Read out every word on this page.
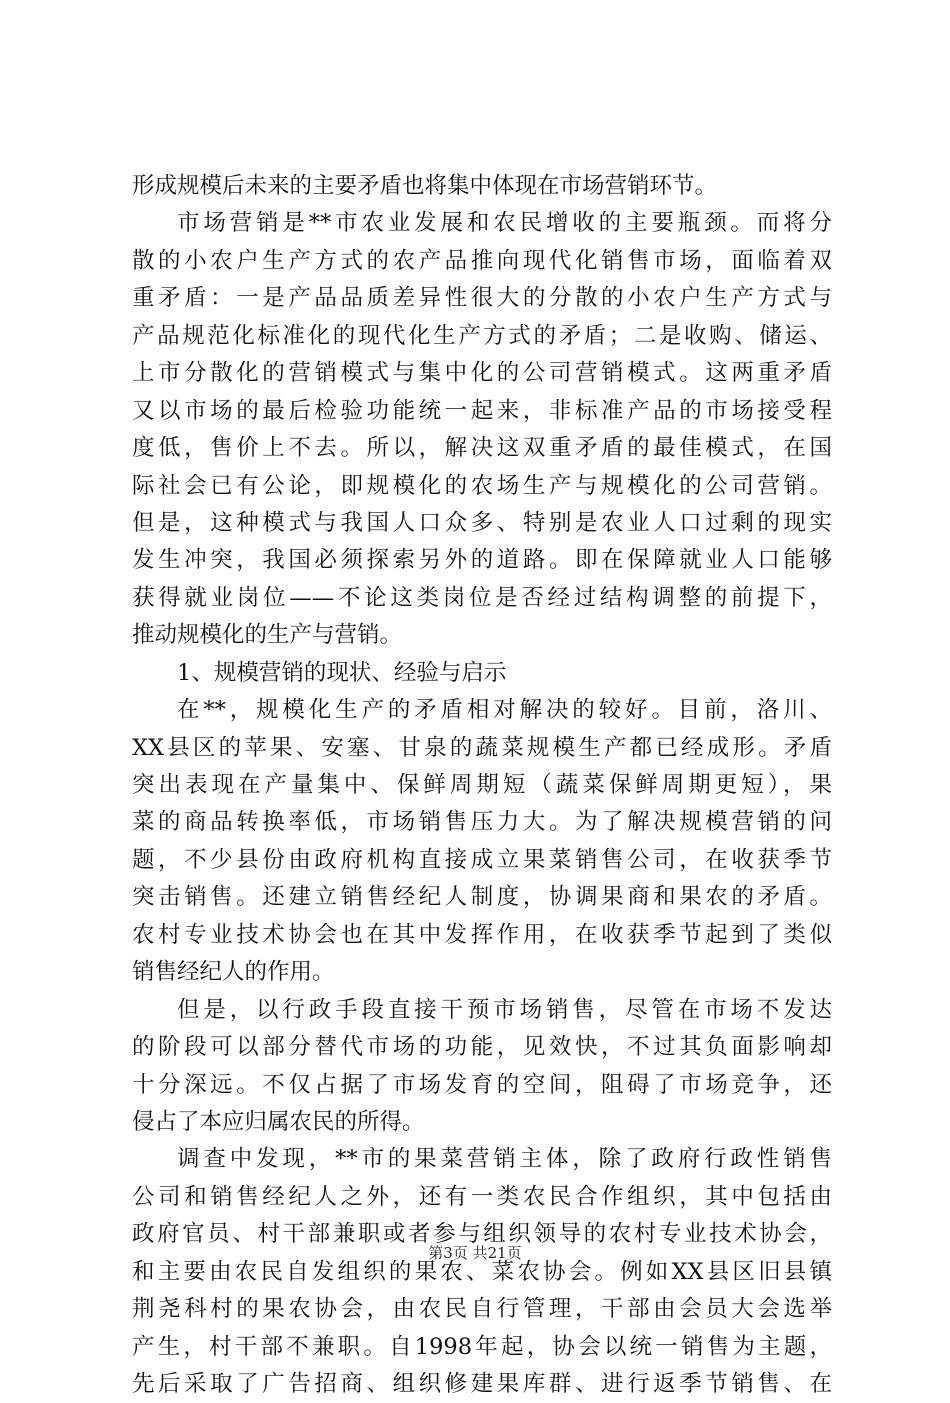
形成规模后未来的主要矛盾也将集中体现在市场营销环节。
市场营销是**市农业发展和农民增收的主要瓶颈。而将分
散的小农户生产方式的农产品推向现代化销售市场，面临着双
重矛盾：一是产品品质差异性很大的分散的小农户生产方式与
产品规范化标准化的现代化生产方式的矛盾；二是收购、储运、
上市分散化的营销模式与集中化的公司营销模式。这两重矛盾
又以市场的最后检验功能统一起来，非标准产品的市场接受程
度低，售价上不去。所以，解决这双重矛盾的最佳模式，在国
际社会已有公论，即规模化的农场生产与规模化的公司营销。
但是，这种模式与我国人口众多、特别是农业人口过剩的现实
发生冲突，我国必须探索另外的道路。即在保障就业人口能够
获得就业岗位——不论这类岗位是否经过结构调整的前提下，
推动规模化的生产与营销。
1、规模营销的现状、经验与启示
在**，规模化生产的矛盾相对解决的较好。目前，洛川、
XX县区的苹果、安塞、甘泉的蔬菜规模生产都已经成形。矛盾
突出表现在产量集中、保鲜周期短（蔬菜保鲜周期更短），果
菜的商品转换率低，市场销售压力大。为了解决规模营销的问
题，不少县份由政府机构直接成立果菜销售公司，在收获季节
突击销售。还建立销售经纪人制度，协调果商和果农的矛盾。
农村专业技术协会也在其中发挥作用，在收获季节起到了类似
销售经纪人的作用。
但是，以行政手段直接干预市场销售，尽管在市场不发达
的阶段可以部分替代市场的功能，见效快，不过其负面影响却
十分深远。不仅占据了市场发育的空间，阻碍了市场竞争，还
侵占了本应归属农民的所得。
调查中发现，**市的果菜营销主体，除了政府行政性销售
公司和销售经纪人之外，还有一类农民合作组织，其中包括由
政府官员、村干部兼职或者参与组织领导的农村专业技术协会，
和主要由农民自发组织的果农、菜农协会。例如XX县区旧县镇
荆尧科村的果农协会，由农民自行管理，干部由会员大会选举
产生，村干部不兼职。自1998年起，协会以统一销售为主题，
先后采取了广告招商、组织修建果库群、进行返季节销售、在
第3页 共21页
